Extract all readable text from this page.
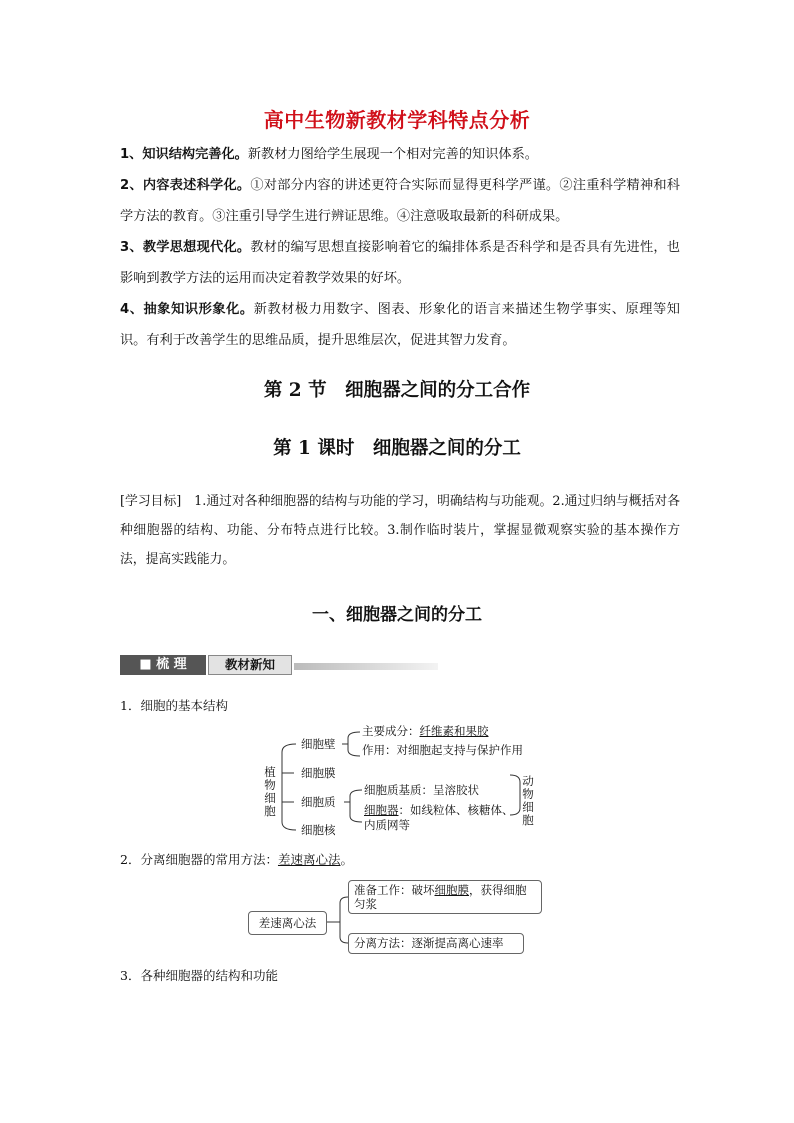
高中生物新教材学科特点分析
1、知识结构完善化。新教材力图给学生展现一个相对完善的知识体系。
2、内容表述科学化。①对部分内容的讲述更符合实际而显得更科学严谨。②注重科学精神和科学方法的教育。③注重引导学生进行辨证思维。④注意吸取最新的科研成果。
3、教学思想现代化。教材的编写思想直接影响着它的编排体系是否科学和是否具有先进性，也影响到教学方法的运用而决定着教学效果的好坏。
4、抽象知识形象化。新教材极力用数字、图表、形象化的语言来描述生物学事实、原理等知识。有利于改善学生的思维品质，提升思维层次，促进其智力发育。
第 2 节　细胞器之间的分工合作
第 1 课时　细胞器之间的分工
[学习目标]　1.通过对各种细胞器的结构与功能的学习，明确结构与功能观。2.通过归纳与概括对各种细胞器的结构、功能、分布特点进行比较。3.制作临时装片，掌握显微观察实验的基本操作方法，提高实践能力。
一、细胞器之间的分工
■ 梳 理	教材新知
1．细胞的基本结构
植
物
细
胞
细胞壁
主要成分：纤维素和果胶
作用：对细胞起支持与保护作用
细胞膜
细胞质
细胞质基质：呈溶胶状
细胞器：如线粒体、核糖体、
内质网等
细胞核
动
物
细
胞
2．分离细胞器的常用方法：差速离心法。
差速离心法
准备工作：破坏细胞膜，获得细胞
匀浆
分离方法：逐渐提高离心速率
3．各种细胞器的结构和功能
